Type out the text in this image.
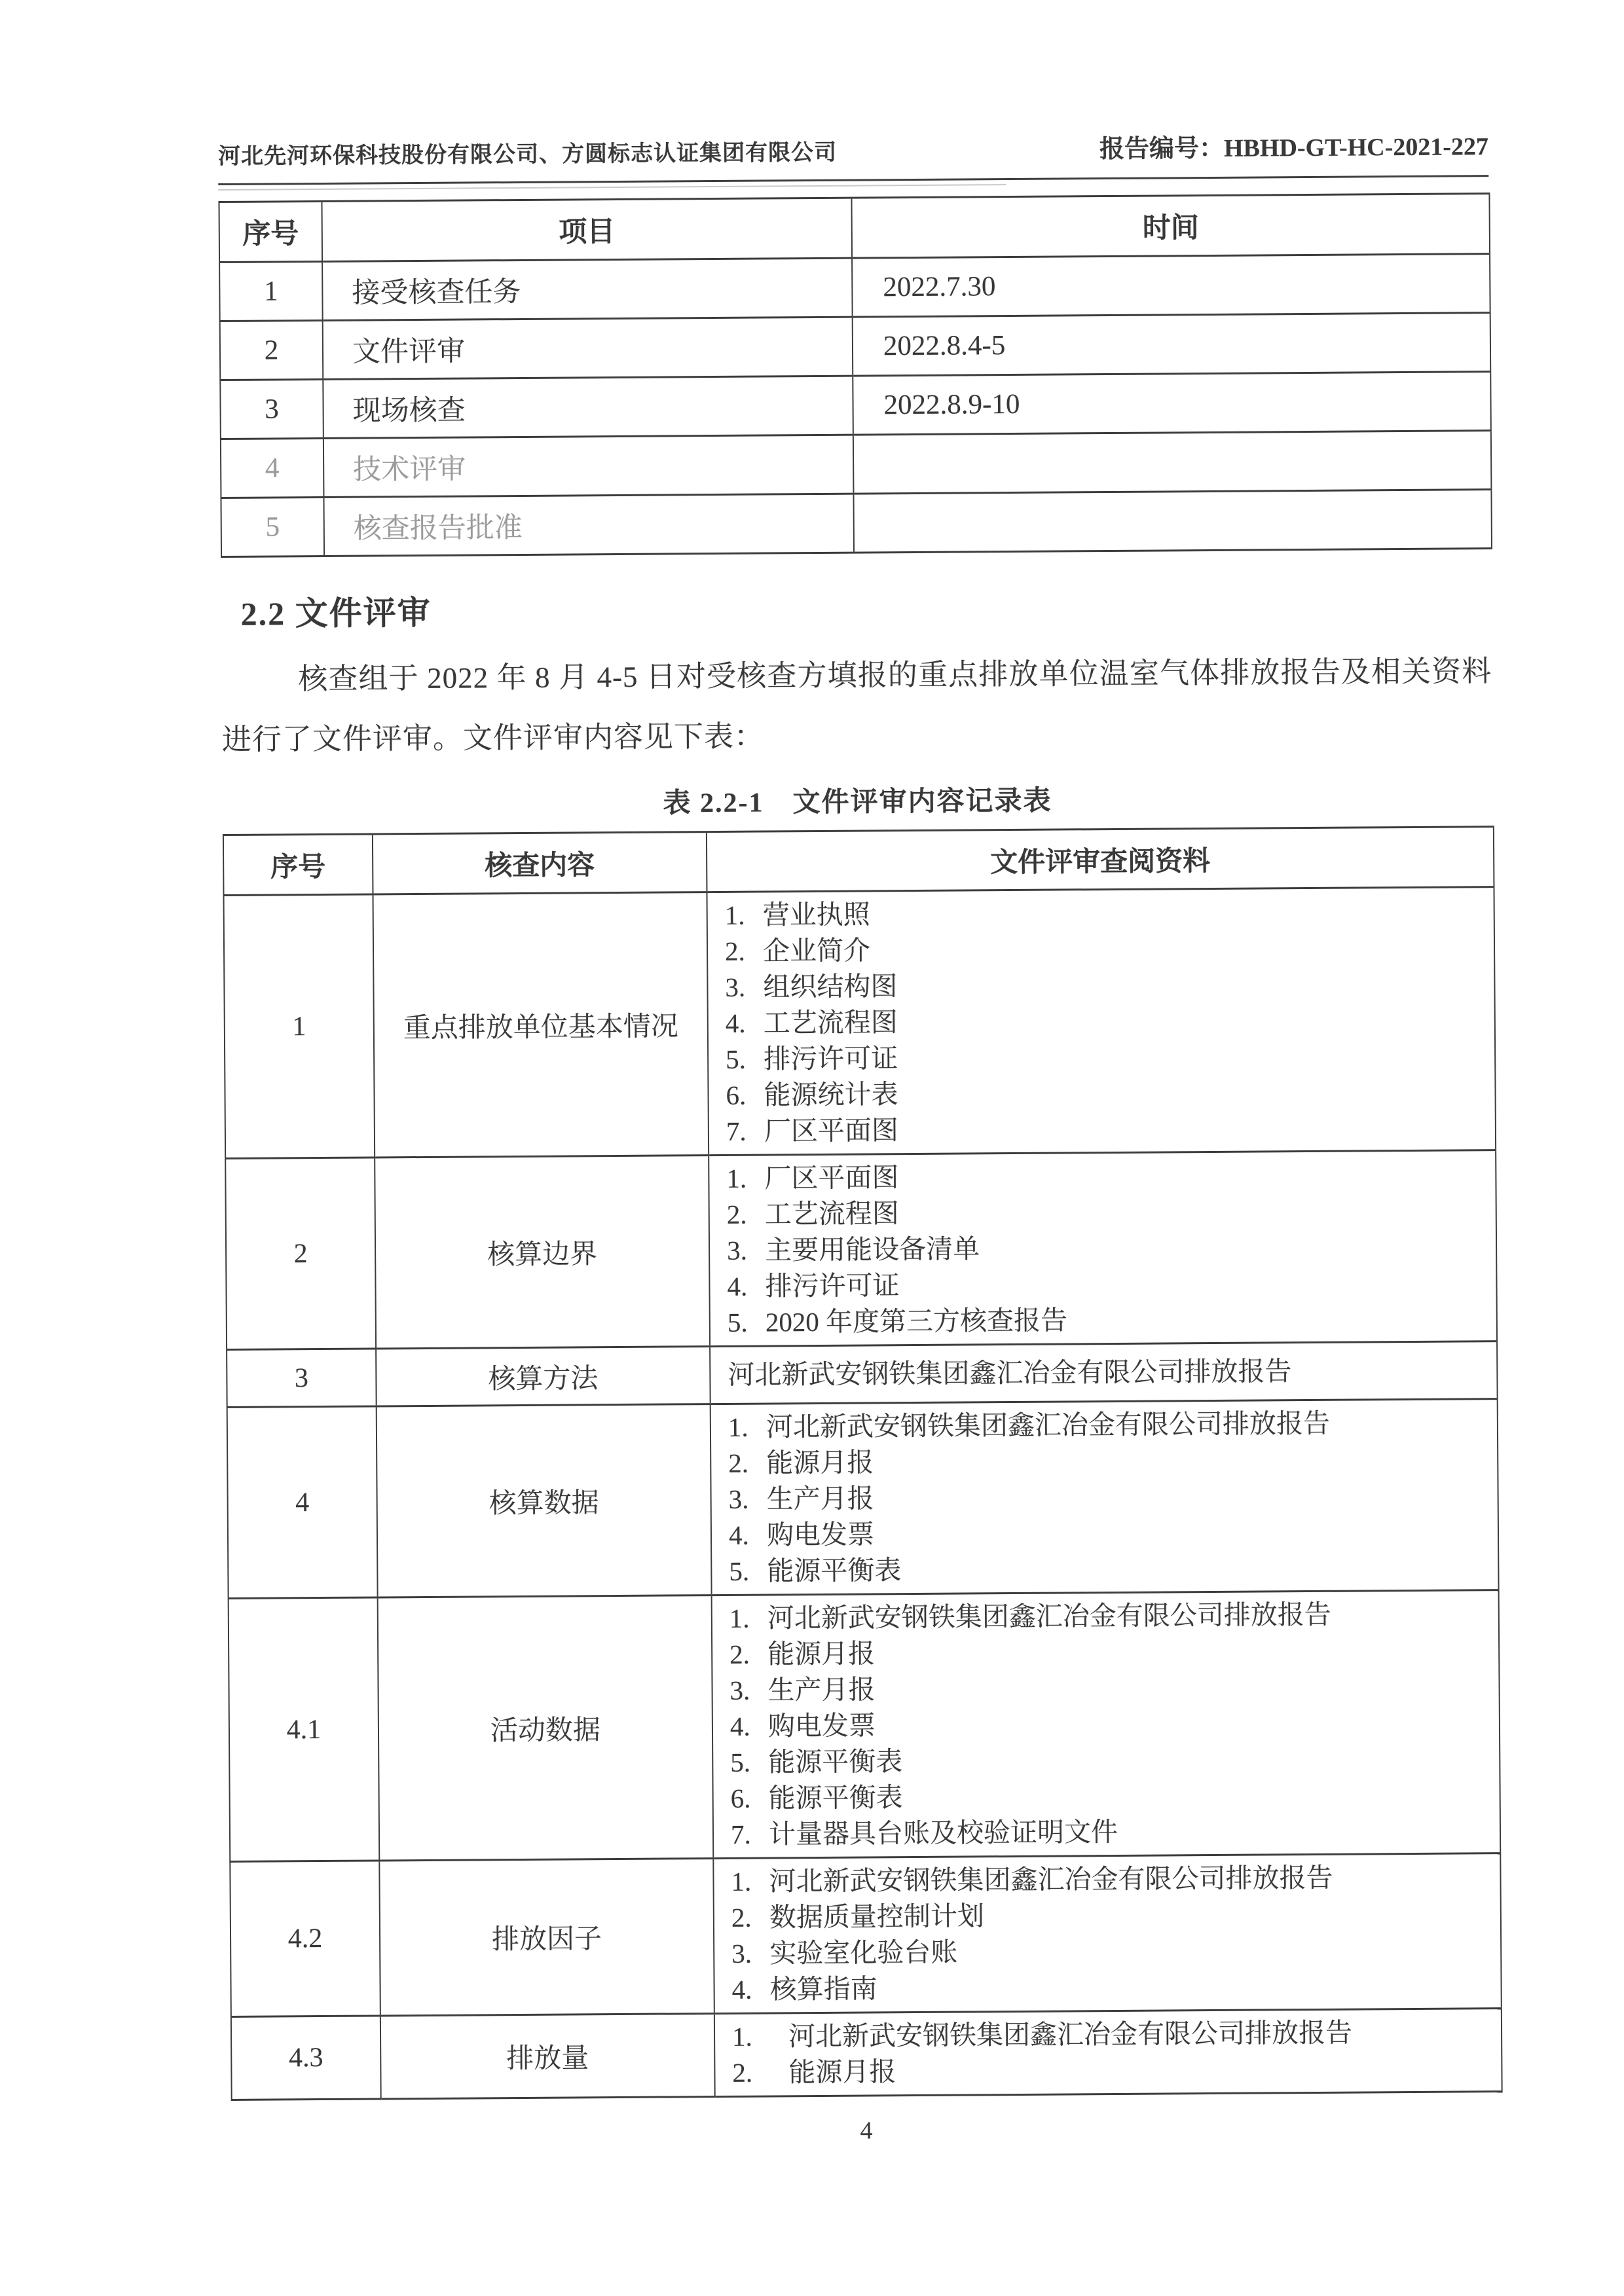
河北先河环保科技股份有限公司、方圆标志认证集团有限公司	报告编号：HBHD-GT-HC-2021-227
序号	项目	时间
1	接受核查任务	2022.7.30
2	文件评审	2022.8.4-5
3	现场核查	2022.8.9-10
4	技术评审	
5	核查报告批准	
2.2 文件评审
核查组于 2022 年 8 月 4-5 日对受核查方填报的重点排放单位温室气体排放报告及相关资料进行了文件评审。文件评审内容见下表：
表 2.2-1　文件评审内容记录表
序号	核查内容	文件评审查阅资料
1	重点排放单位基本情况	
1. 营业执照
2. 企业简介
3. 组织结构图
4. 工艺流程图
5. 排污许可证
6. 能源统计表
7. 厂区平面图

2	核算边界	
1. 厂区平面图
2. 工艺流程图
3. 主要用能设备清单
4. 排污许可证
5. 2020 年度第三方核查报告

3	核算方法	河北新武安钢铁集团鑫汇冶金有限公司排放报告

4	核算数据	
1. 河北新武安钢铁集团鑫汇冶金有限公司排放报告
2. 能源月报
3. 生产月报
4. 购电发票
5. 能源平衡表

4.1	活动数据	
1. 河北新武安钢铁集团鑫汇冶金有限公司排放报告
2. 能源月报
3. 生产月报
4. 购电发票
5. 能源平衡表
6. 能源平衡表
7. 计量器具台账及校验证明文件

4.2	排放因子	
1. 河北新武安钢铁集团鑫汇冶金有限公司排放报告
2. 数据质量控制计划
3. 实验室化验台账
4. 核算指南

4.3	排放量	1. 河北新武安钢铁集团鑫汇冶金有限公司排放报告
2. 能源月报
4
